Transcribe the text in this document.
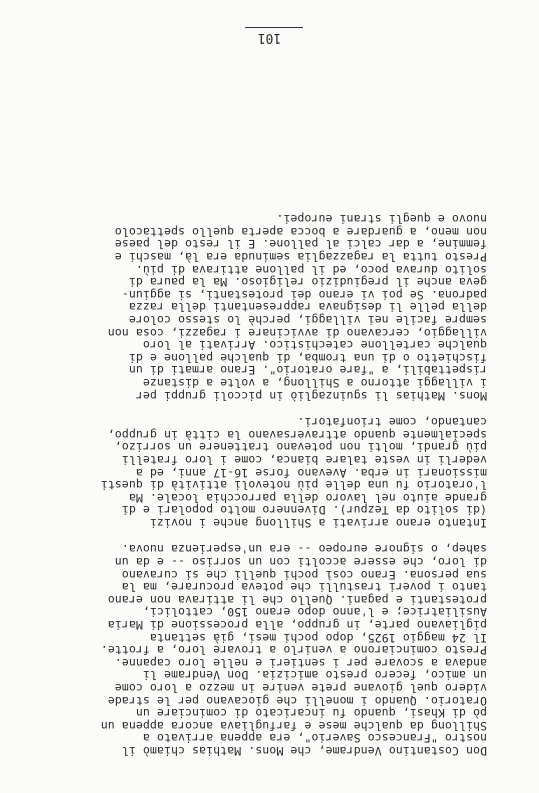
Don Costantino Vendrame, che Mons. Mathias chiamò il
nostro "Francesco Saverio", era appena arrivato a
Shillong da qualche mese e farfugliava ancora appena un
pò di Khasi, quando fu incaricato di cominciare un
Oratorio. Quando i monelli che giocavano per le strade
videro quel giovane prete venire in mezzo a loro come
un amico, fecero presto amicizia. Don Vendrame li
andava a scovare per i sentieri e nelle loro capanne.
Presto cominciarono a venirlo a trovare loro, a frotte.
Il 24 maggio 1925, dopo pochi mesi, già settanta
pigliavano parte, in gruppo, alla processione di Maria
Ausiliatrice; e l'anno dopo erano 150, cattolici,
protestanti e pagani. Quello che li attirava non erano
tanto i poveri trastulli che poteva procurare, ma la
sua persona. Erano così pochi quelli che si curavano
di loro, che essere accolti con un sorriso -- e da un
sahep, o signore europeo -- era un'esperienza nuova.
Intanto erano arrivati a Shillong anche i novizi
(di solito da Tezpur). Divennero molto popolari e di
grande aiuto nel lavoro della parrocchia locale. Ma
l'oratorio fu una delle più notevoli attività di questi
missionari in erba. Avevano forse 16-17 anni, ed a
vederli in veste talare bianca, come i loro fratelli
più grandi, molti non potevano trattenere un sorrizo,
specialmente quando attraversavano la città in gruppo,
cantando, come trionfatori.
Mons. Mathias li sguinzagliò in piccoli gruppi per
i villaggi attorno a Shillong, a volte a distanze
rispettabili, a "fare oratorio". Erano armati di un
fischietto o di una tromba, di qualche pallone e di
qualche cartellone catechistico. Arrivati al loro
villaggio, cercavano di avvicinare i ragazzi, cosa non
sempre facile nei villaggi, perchè lo stesso colore
della pelle li designava rappresentanti della razza
padrona. Se poi vi erano dei protestanti, si aggiun-
geva anche il pregiudizio religioso. Ma la paura di
solito durava poco, ed il pallone attirava di più.
Presto tutta la ragazzaglia seminuda era là, maschi e
femmine, a dar calci al pallone. E il resto del paese
non meno, a guardare a bocca aperta quello spettacolo
nuovo e quegli strani europei.
101
